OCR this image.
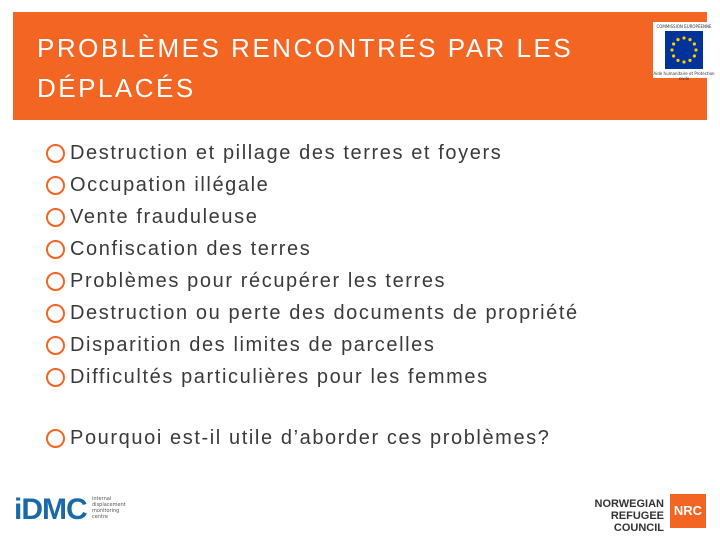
PROBLÈMES RENCONTRÉS PAR LES
DÉPLACÉS
COMMISSION EUROPÉENNE
Aide humanitaire et Protection civile
Destruction et pillage des terres et foyers
Occupation illégale
Vente frauduleuse
Confiscation des terres
Problèmes pour récupérer les terres
Destruction ou perte des documents de propriété
Disparition des limites de parcelles
Difficultés particulières pour les femmes
Pourquoi est-il utile d’aborder ces problèmes?
iDMC internal
displacement
monitoring
centre
NORWEGIAN
REFUGEE COUNCIL
NRC
